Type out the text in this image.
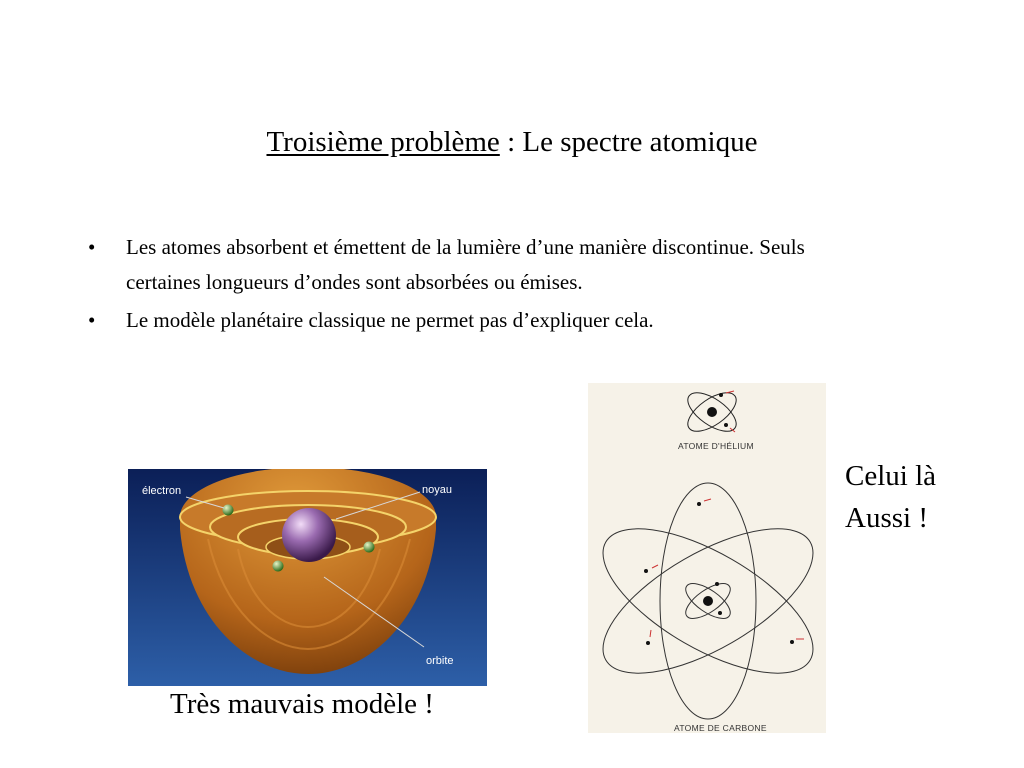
Troisième problème : Le spectre atomique
• Les atomes absorbent et émettent de la lumière d’une manière discontinue. Seuls certaines longueurs d’ondes sont absorbées ou émises.
• Le modèle planétaire classique ne permet pas d’expliquer cela.
électron	noyau
orbite
Très mauvais modèle !
ATOME D'HÉLIUM
ATOME DE CARBONE
Celui là
Aussi !
